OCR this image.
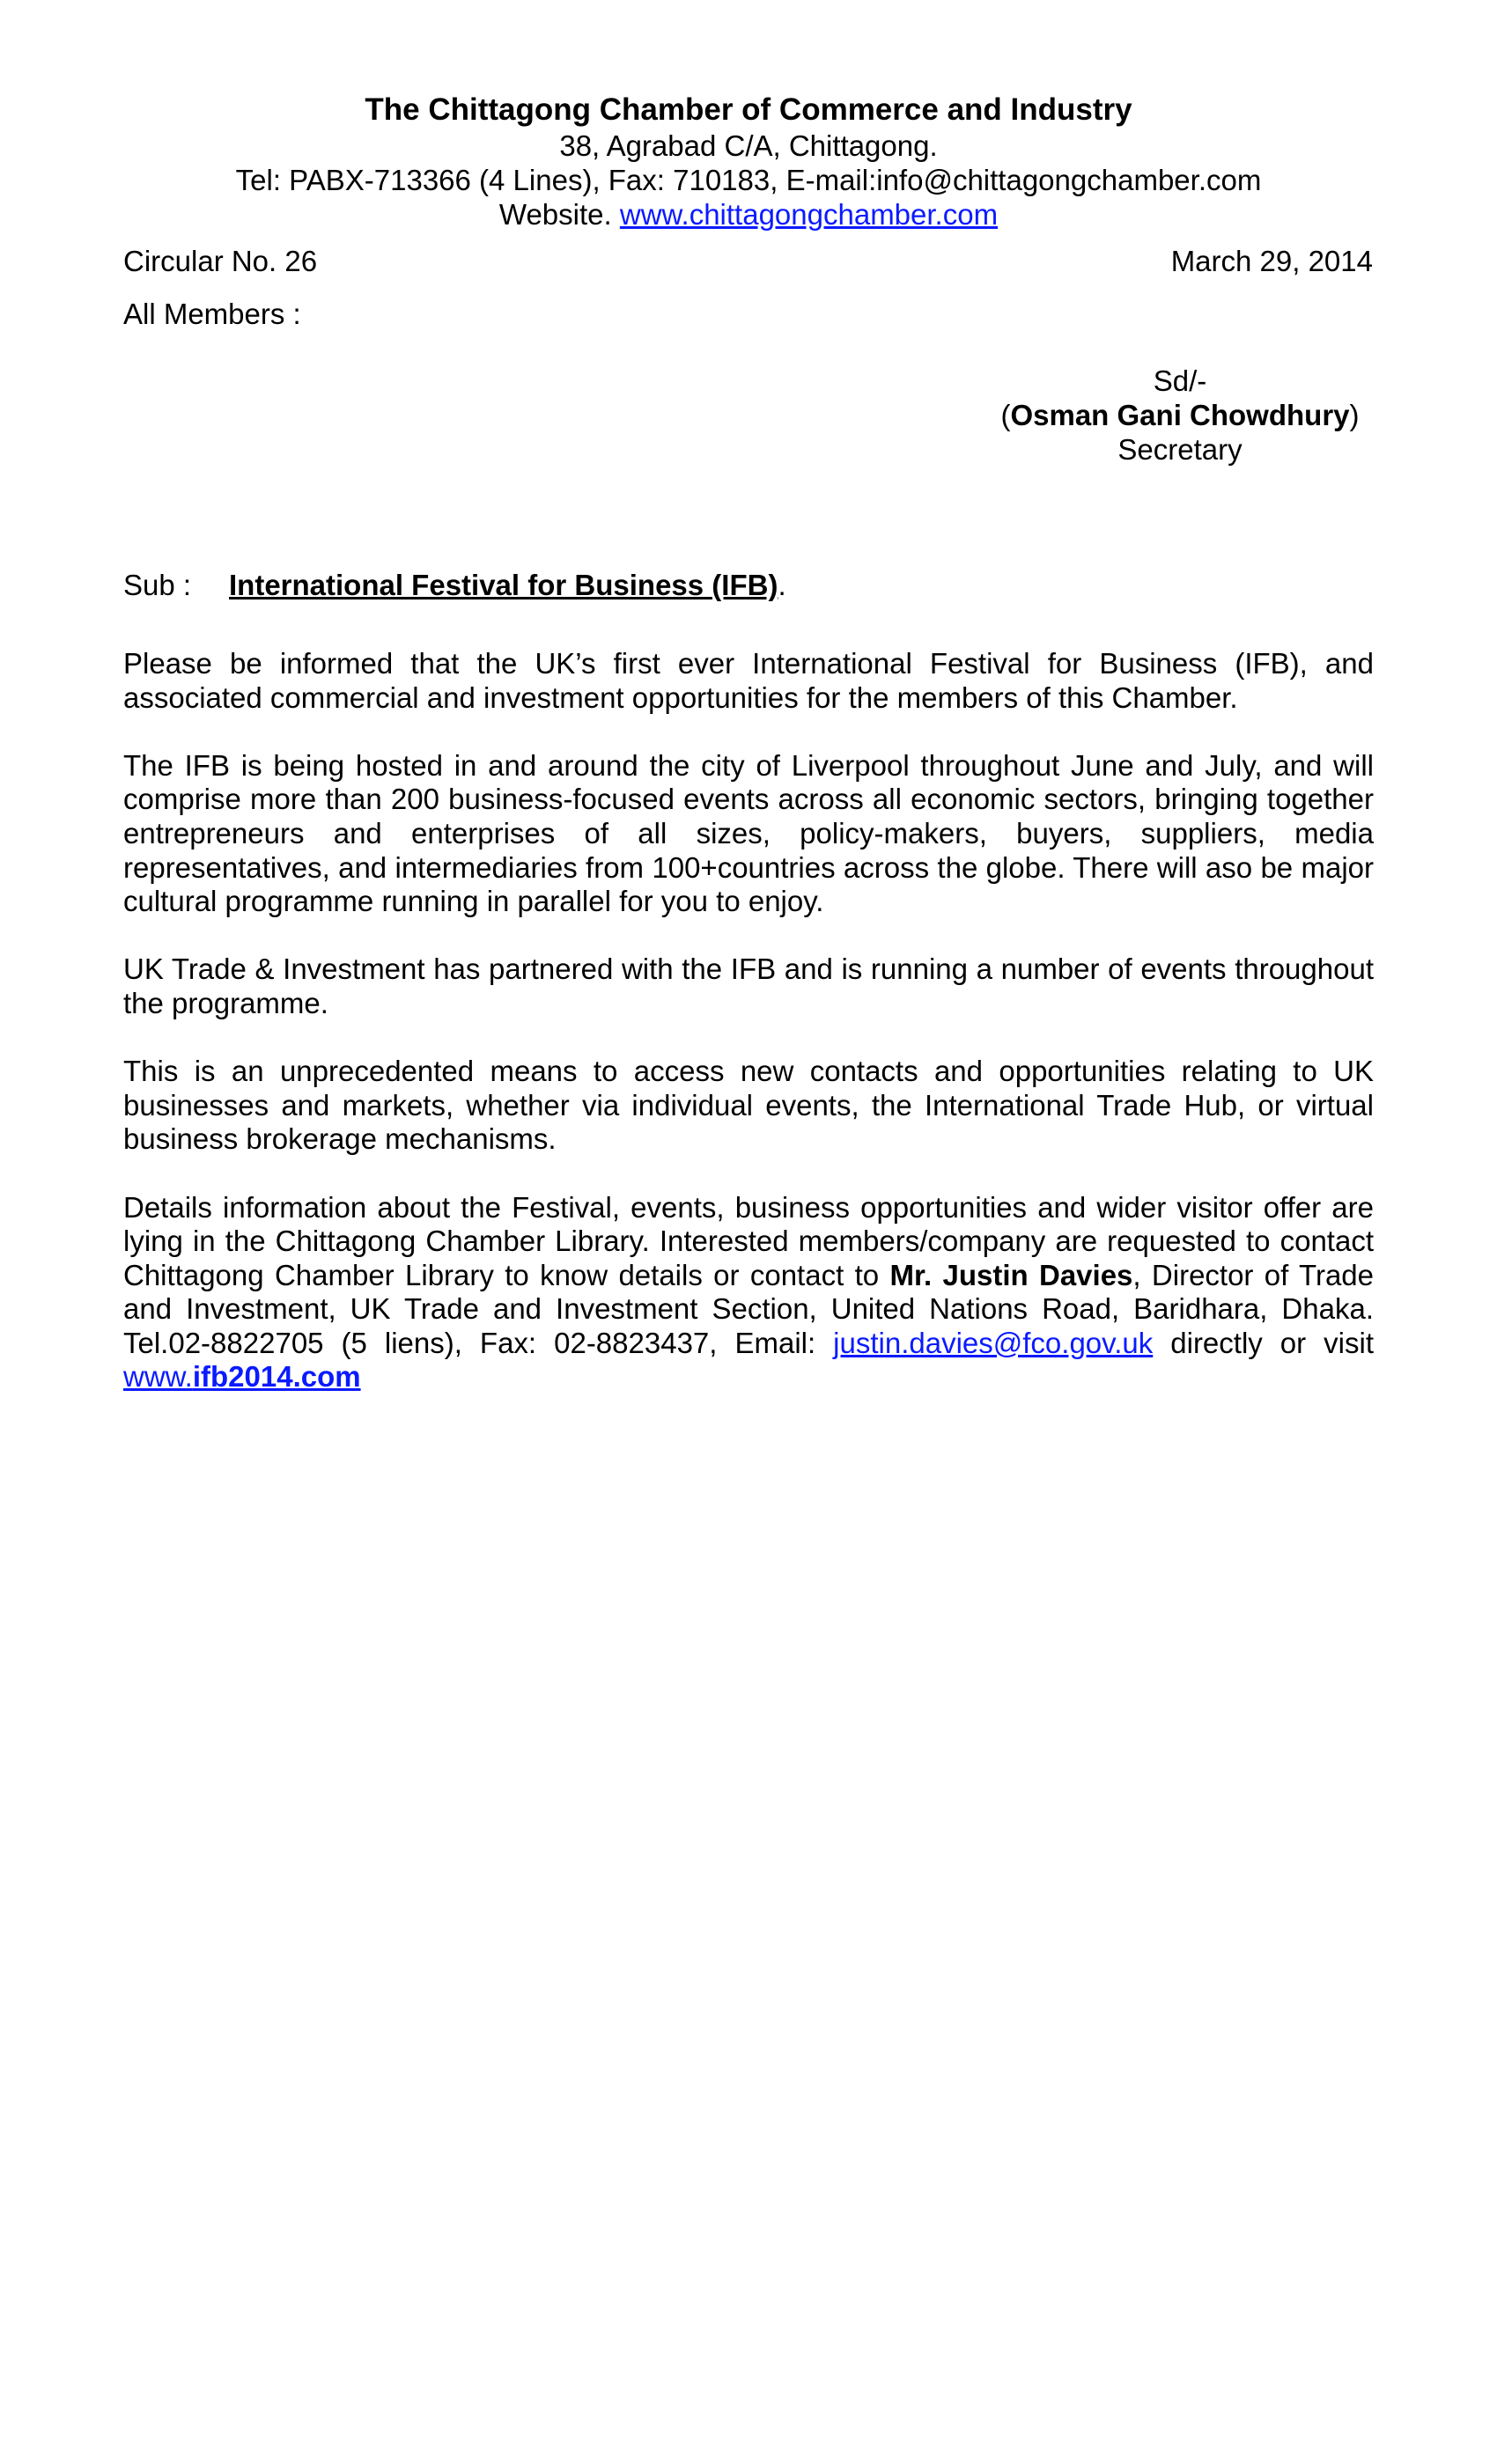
The Chittagong Chamber of Commerce and Industry
38, Agrabad C/A, Chittagong.
Tel: PABX-713366 (4 Lines), Fax: 710183, E-mail:info@chittagongchamber.com
Website. www.chittagongchamber.com
Circular No. 26	March 29, 2014
All Members :
Sd/-
(Osman Gani Chowdhury)
Secretary
Sub : International Festival for Business (IFB).

Please be informed that the UK’s first ever International Festival for Business (IFB), and associated commercial and investment opportunities for the members of this Chamber.

The IFB is being hosted in and around the city of Liverpool throughout June and July, and will comprise more than 200 business-focused events across all economic sectors, bringing together entrepreneurs and enterprises of all sizes, policy-makers, buyers, suppliers, media representatives, and intermediaries from 100+countries across the globe. There will aso be major cultural programme running in parallel for you to enjoy.

UK Trade & Investment has partnered with the IFB and is running a number of events throughout the programme.

This is an unprecedented means to access new contacts and opportunities relating to UK businesses and markets, whether via individual events, the International Trade Hub, or virtual business brokerage mechanisms.

Details information about the Festival, events, business opportunities and wider visitor offer are lying in the Chittagong Chamber Library. Interested members/company are requested to contact Chittagong Chamber Library to know details or contact to Mr. Justin Davies, Director of Trade and Investment, UK Trade and Investment Section, United Nations Road, Baridhara, Dhaka. Tel.02-8822705 (5 liens), Fax: 02-8823437, Email: justin.davies@fco.gov.uk directly or visit www.ifb2014.com
